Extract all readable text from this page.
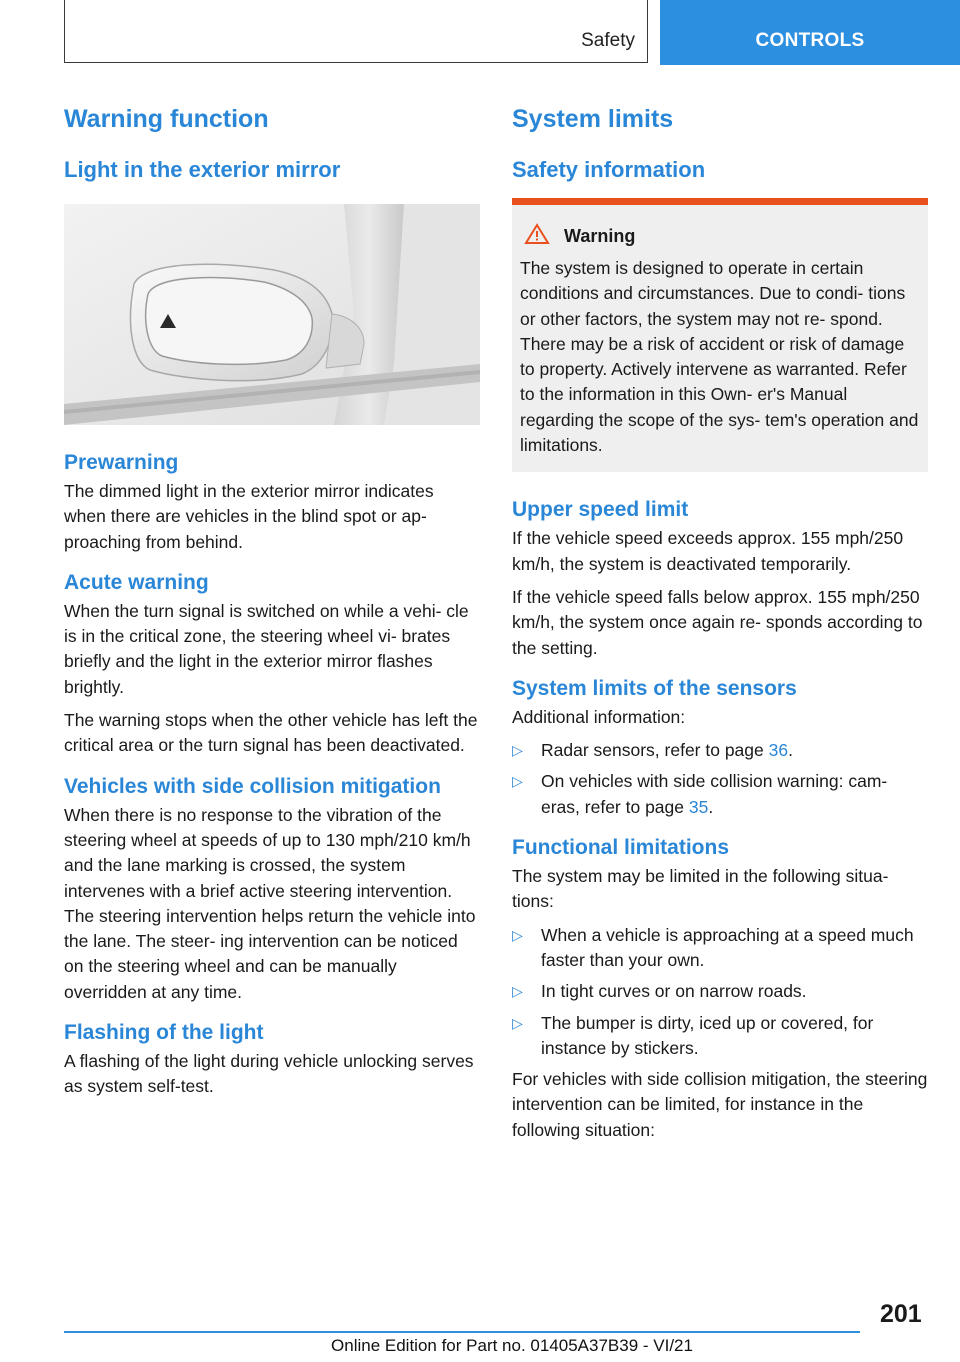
Safety	CONTROLS
Warning function
Light in the exterior mirror
Prewarning

The dimmed light in the exterior mirror indicates when there are vehicles in the blind spot or ap‐ proaching from behind.

Acute warning

When the turn signal is switched on while a vehi‐ cle is in the critical zone, the steering wheel vi‐ brates briefly and the light in the exterior mirror flashes brightly.

The warning stops when the other vehicle has left the critical area or the turn signal has been deactivated.

Vehicles with side collision mitigation

When there is no response to the vibration of the steering wheel at speeds of up to 130 mph/210 km/h and the lane marking is crossed, the system intervenes with a brief active steering intervention. The steering intervention helps return the vehicle into the lane. The steer‐ ing intervention can be noticed on the steering wheel and can be manually overridden at any time.

Flashing of the light

A flashing of the light during vehicle unlocking serves as system self-test.

System limits
Safety information
Warning

The system is designed to operate in certain conditions and circumstances. Due to condi‐ tions or other factors, the system may not re‐ spond. There may be a risk of accident or risk of damage to property. Actively intervene as warranted. Refer to the information in this Own‐ er's Manual regarding the scope of the sys‐ tem's operation and limitations.

Upper speed limit

If the vehicle speed exceeds approx. 155 mph/250 km/h, the system is deactivated temporarily.

If the vehicle speed falls below approx. 155 mph/250 km/h, the system once again re‐ sponds according to the setting.

System limits of the sensors

Additional information:

▷ Radar sensors, refer to page 36.
▷ On vehicles with side collision warning: cam‐ eras, refer to page 35.
Functional limitations

The system may be limited in the following situa‐ tions:

▷ When a vehicle is approaching at a speed much faster than your own.
▷ In tight curves or on narrow roads.
▷ The bumper is dirty, iced up or covered, for instance by stickers.

For vehicles with side collision mitigation, the steering intervention can be limited, for instance in the following situation:

201
Online Edition for Part no. 01405A37B39 - VI/21
